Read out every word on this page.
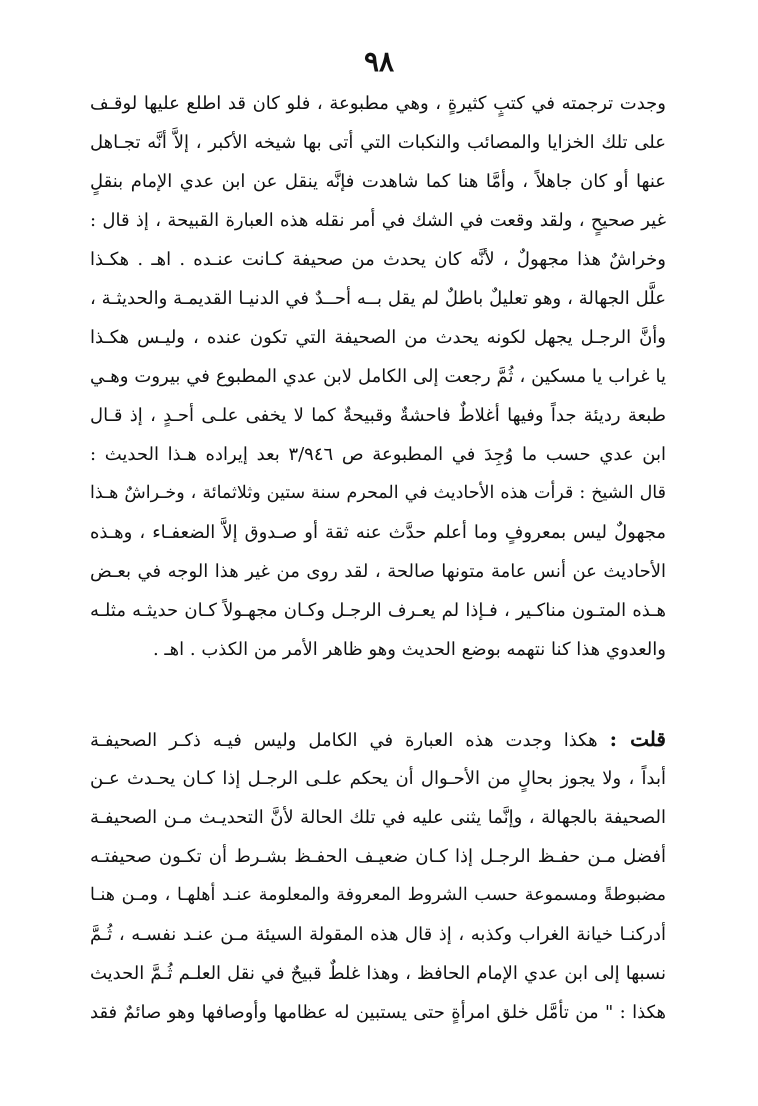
٩٨
وجدت ترجمته في كتبٍ كثيرةٍ ، وهي مطبوعة ، فلو كان قد اطلع عليها لوقـف
على تلك الخزايا والمصائب والنكبات التي أتى بها شيخه الأكبر ، إلاَّ أنَّه تجـاهل
عنها أو كان جاهلاً ، وأمَّا هنا كما شاهدت فإنَّه ينقل عن ابن عدي الإمام بنقلٍ
غير صحيحٍ ، ولقد وقعت في الشك في أمر نقله هذه العبارة القبيحة ، إذ قال :
وخراشٌ هذا مجهولٌ ، لأنَّه كان يحدث من صحيفة كـانت عنـده . اهـ . هكـذا
علَّل الجهالة ، وهو تعليلٌ باطلٌ لم يقل بــه أحــدٌ في الدنيـا القديمـة والحديثـة ،
وأنَّ الرجـل يجهل لكونه يحدث من الصحيفة التي تكون عنده ، وليـس هكـذا
يا غراب يا مسكين ، ثُمَّ رجعت إلى الكامل لابن عدي المطبوع في بيروت وهـي
طبعة رديئة جداً وفيها أغلاطٌ فاحشةٌ وقبيحةٌ كما لا يخفى علـى أحـدٍ ، إذ قـال
ابن عدي حسب ما وُجِدَ في المطبوعة ص ٣/٩٤٦ بعد إيراده هـذا الحديث :
قال الشيخ : قرأت هذه الأحاديث في المحرم سنة ستين وثلاثمائة ، وخـراشٌ هـذا
مجهولٌ ليس بمعروفٍ وما أعلم حدَّث عنه ثقة أو صـدوق إلاَّ الضعفـاء ، وهـذه
الأحاديث عن أنس عامة متونها صالحة ، لقد روى من غير هذا الوجه في بعـض
هـذه المتـون مناكـير ، فـإذا لم يعـرف الرجـل وكـان مجهـولاً كـان حديثـه مثلـه
والعدوي هذا كنا نتهمه بوضع الحديث وهو ظاهر الأمر من الكذب . اهـ .
قلت : هكذا وجدت هذه العبارة في الكامل وليس فيـه ذكـر الصحيفـة
أبداً ، ولا يجوز بحالٍ من الأحـوال أن يحكم علـى الرجـل إذا كـان يحـدث عـن
الصحيفة بالجهالة ، وإنَّما يثنى عليه في تلك الحالة لأنَّ التحديـث مـن الصحيفـة
أفضل مـن حفـظ الرجـل إذا كـان ضعيـف الحفـظ بشـرط أن تكـون صحيفتـه
مضبوطةً ومسموعة حسب الشروط المعروفة والمعلومة عنـد أهلهـا ، ومـن هنـا
أدركنـا خيانة الغراب وكذبه ، إذ قال هذه المقولة السيئة مـن عنـد نفسـه ، ثُـمَّ
نسبها إلى ابن عدي الإمام الحافظ ، وهذا غلطٌ قبيحٌ في نقل العلـم ثُـمَّ الحديث
هكذا : " من تأمَّل خلق امرأةٍ حتى يستبين له عظامها وأوصافها وهو صائمٌ فقد
